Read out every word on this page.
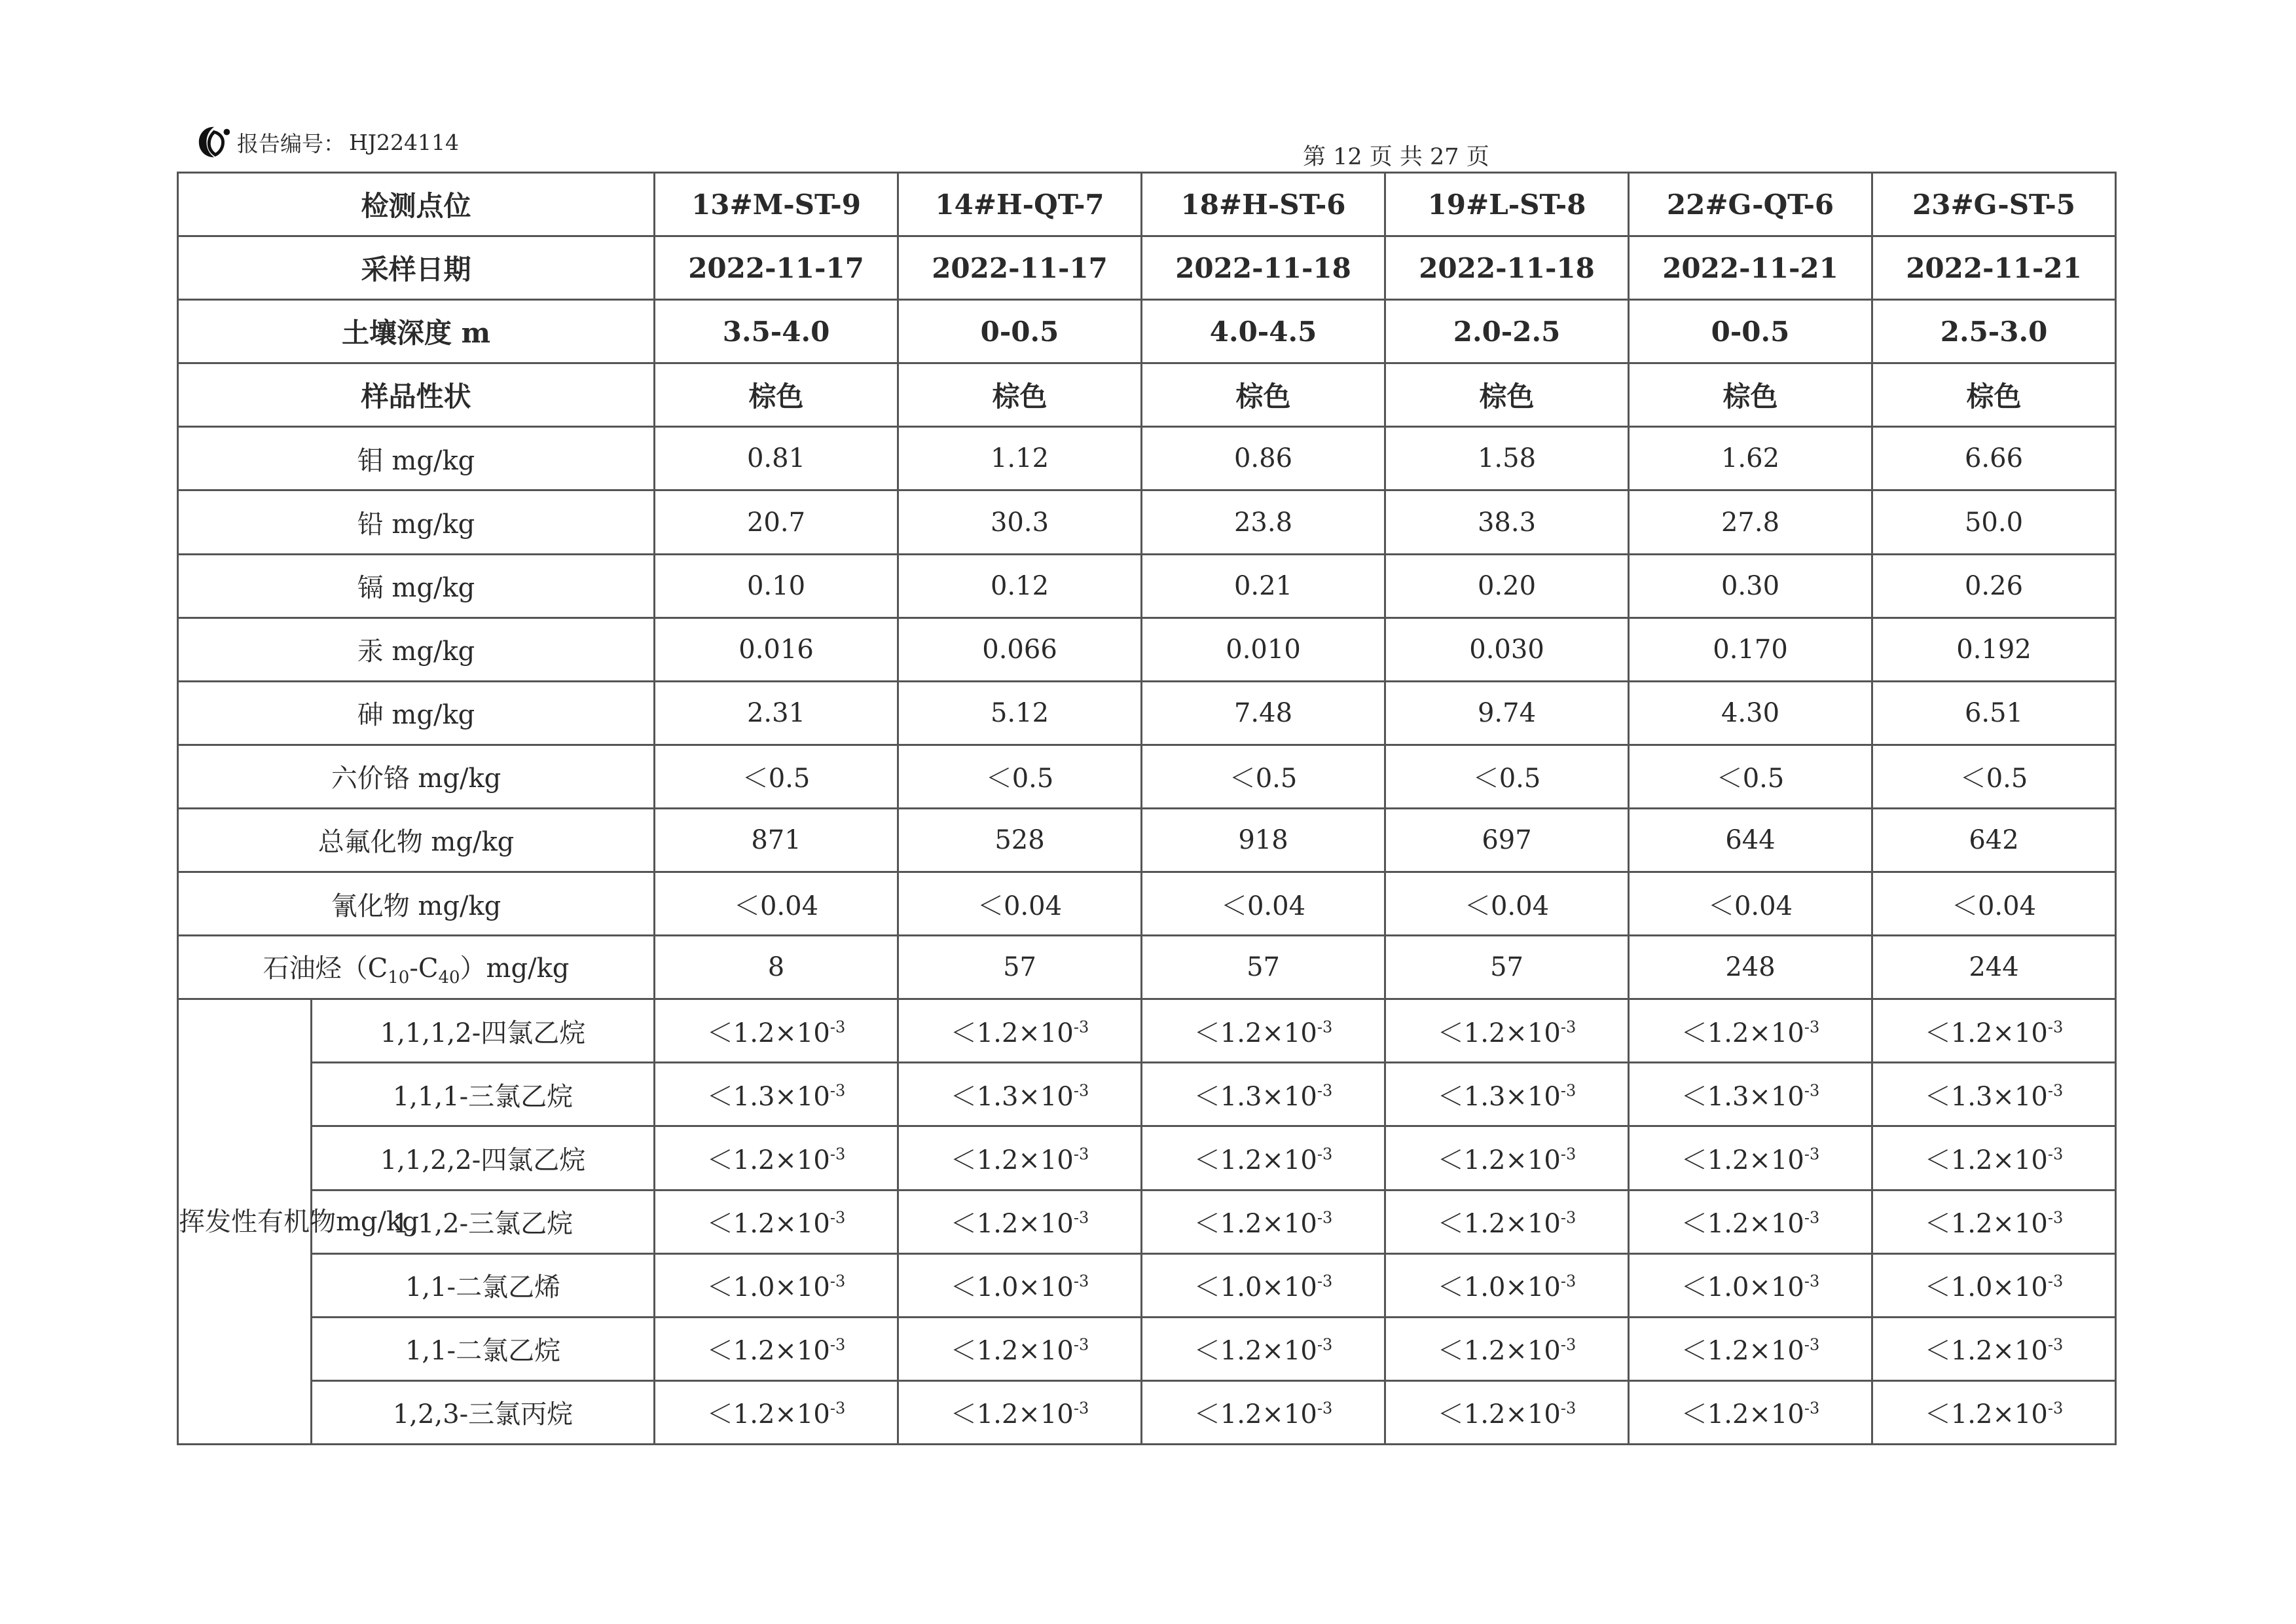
报告编号： HJ224114
第 12 页 共 27 页
检测点位		13#M-ST-9	14#H-QT-7	18#H-ST-6	19#L-ST-8	22#G-QT-6	23#G-ST-5
采样日期		2022-11-17	2022-11-17	2022-11-18	2022-11-18	2022-11-21	2022-11-21
土壤深度 m		3.5-4.0	0-0.5	4.0-4.5	2.0-2.5	0-0.5	2.5-3.0
样品性状		棕色	棕色	棕色	棕色	棕色	棕色
钼 mg/kg		0.81	1.12	0.86	1.58	1.62	6.66
铅 mg/kg		20.7	30.3	23.8	38.3	27.8	50.0
镉 mg/kg		0.10	0.12	0.21	0.20	0.30	0.26
汞 mg/kg		0.016	0.066	0.010	0.030	0.170	0.192
砷 mg/kg		2.31	5.12	7.48	9.74	4.30	6.51
六价铬 mg/kg		＜0.5	＜0.5	＜0.5	＜0.5	＜0.5	＜0.5
总氟化物 mg/kg		871	528	918	697	644	642
氰化物 mg/kg		＜0.04	＜0.04	＜0.04	＜0.04	＜0.04	＜0.04
石油烃$(C_{10}-C_{40})mg/kg$		8	57	57	57	248	244
挥发性有机物mg/kg	1,1,1,2-四氯乙烷	$<1.2\times 10^{-3}$	$<1.2\times 10^{-3}$	$<1.2\times 10^{-3}$	$<1.2\times 10^{-3}$	$<1.2\times 10^{-3}$	$<1.2\times 10^{-3}$
	1,1,1-三氯乙烷	$<1.3\times 10^{-3}$	$<1.3\times 10^{-3}$	$<1.3\times 10^{-3}$	$<1.3\times 10^{-3}$	$<1.3\times 10^{-3}$	$<1.3\times 10^{-3}$
	1,1,2,2-四氯乙烷	$<1.2\times 10^{-3}$	$<1.2\times 10^{-3}$	$<1.2\times 10^{-3}$	$<1.2\times 10^{-3}$	$<1.2\times 10^{-3}$	$<1.2\times 10^{-3}$
	1,1,2-三氯乙烷	$<1.2\times 10^{-3}$	$<1.2\times 10^{-3}$	$<1.2\times 10^{-3}$	$<1.2\times 10^{-3}$	$<1.2\times 10^{-3}$	$<1.2\times 10^{-3}$
	1,1-二氯乙烯	$<1.0\times 10^{-3}$	$<1.0\times 10^{-3}$	$<1.0\times 10^{-3}$	$<1.0\times 10^{-3}$	$<1.0\times 10^{-3}$	$<1.0\times 10^{-3}$
	1,1-二氯乙烷	$<1.2\times 10^{-3}$	$<1.2\times 10^{-3}$	$<1.2\times 10^{-3}$	$<1.2\times 10^{-3}$	$<1.2\times 10^{-3}$	$<1.2\times 10^{-3}$
	1,2,3-三氯丙烷	$<1.2\times 10^{-3}$	$<1.2\times 10^{-3}$	$<1.2\times 10^{-3}$	$<1.2\times 10^{-3}$	$<1.2\times 10^{-3}$	$<1.2\times 10^{-3}$
